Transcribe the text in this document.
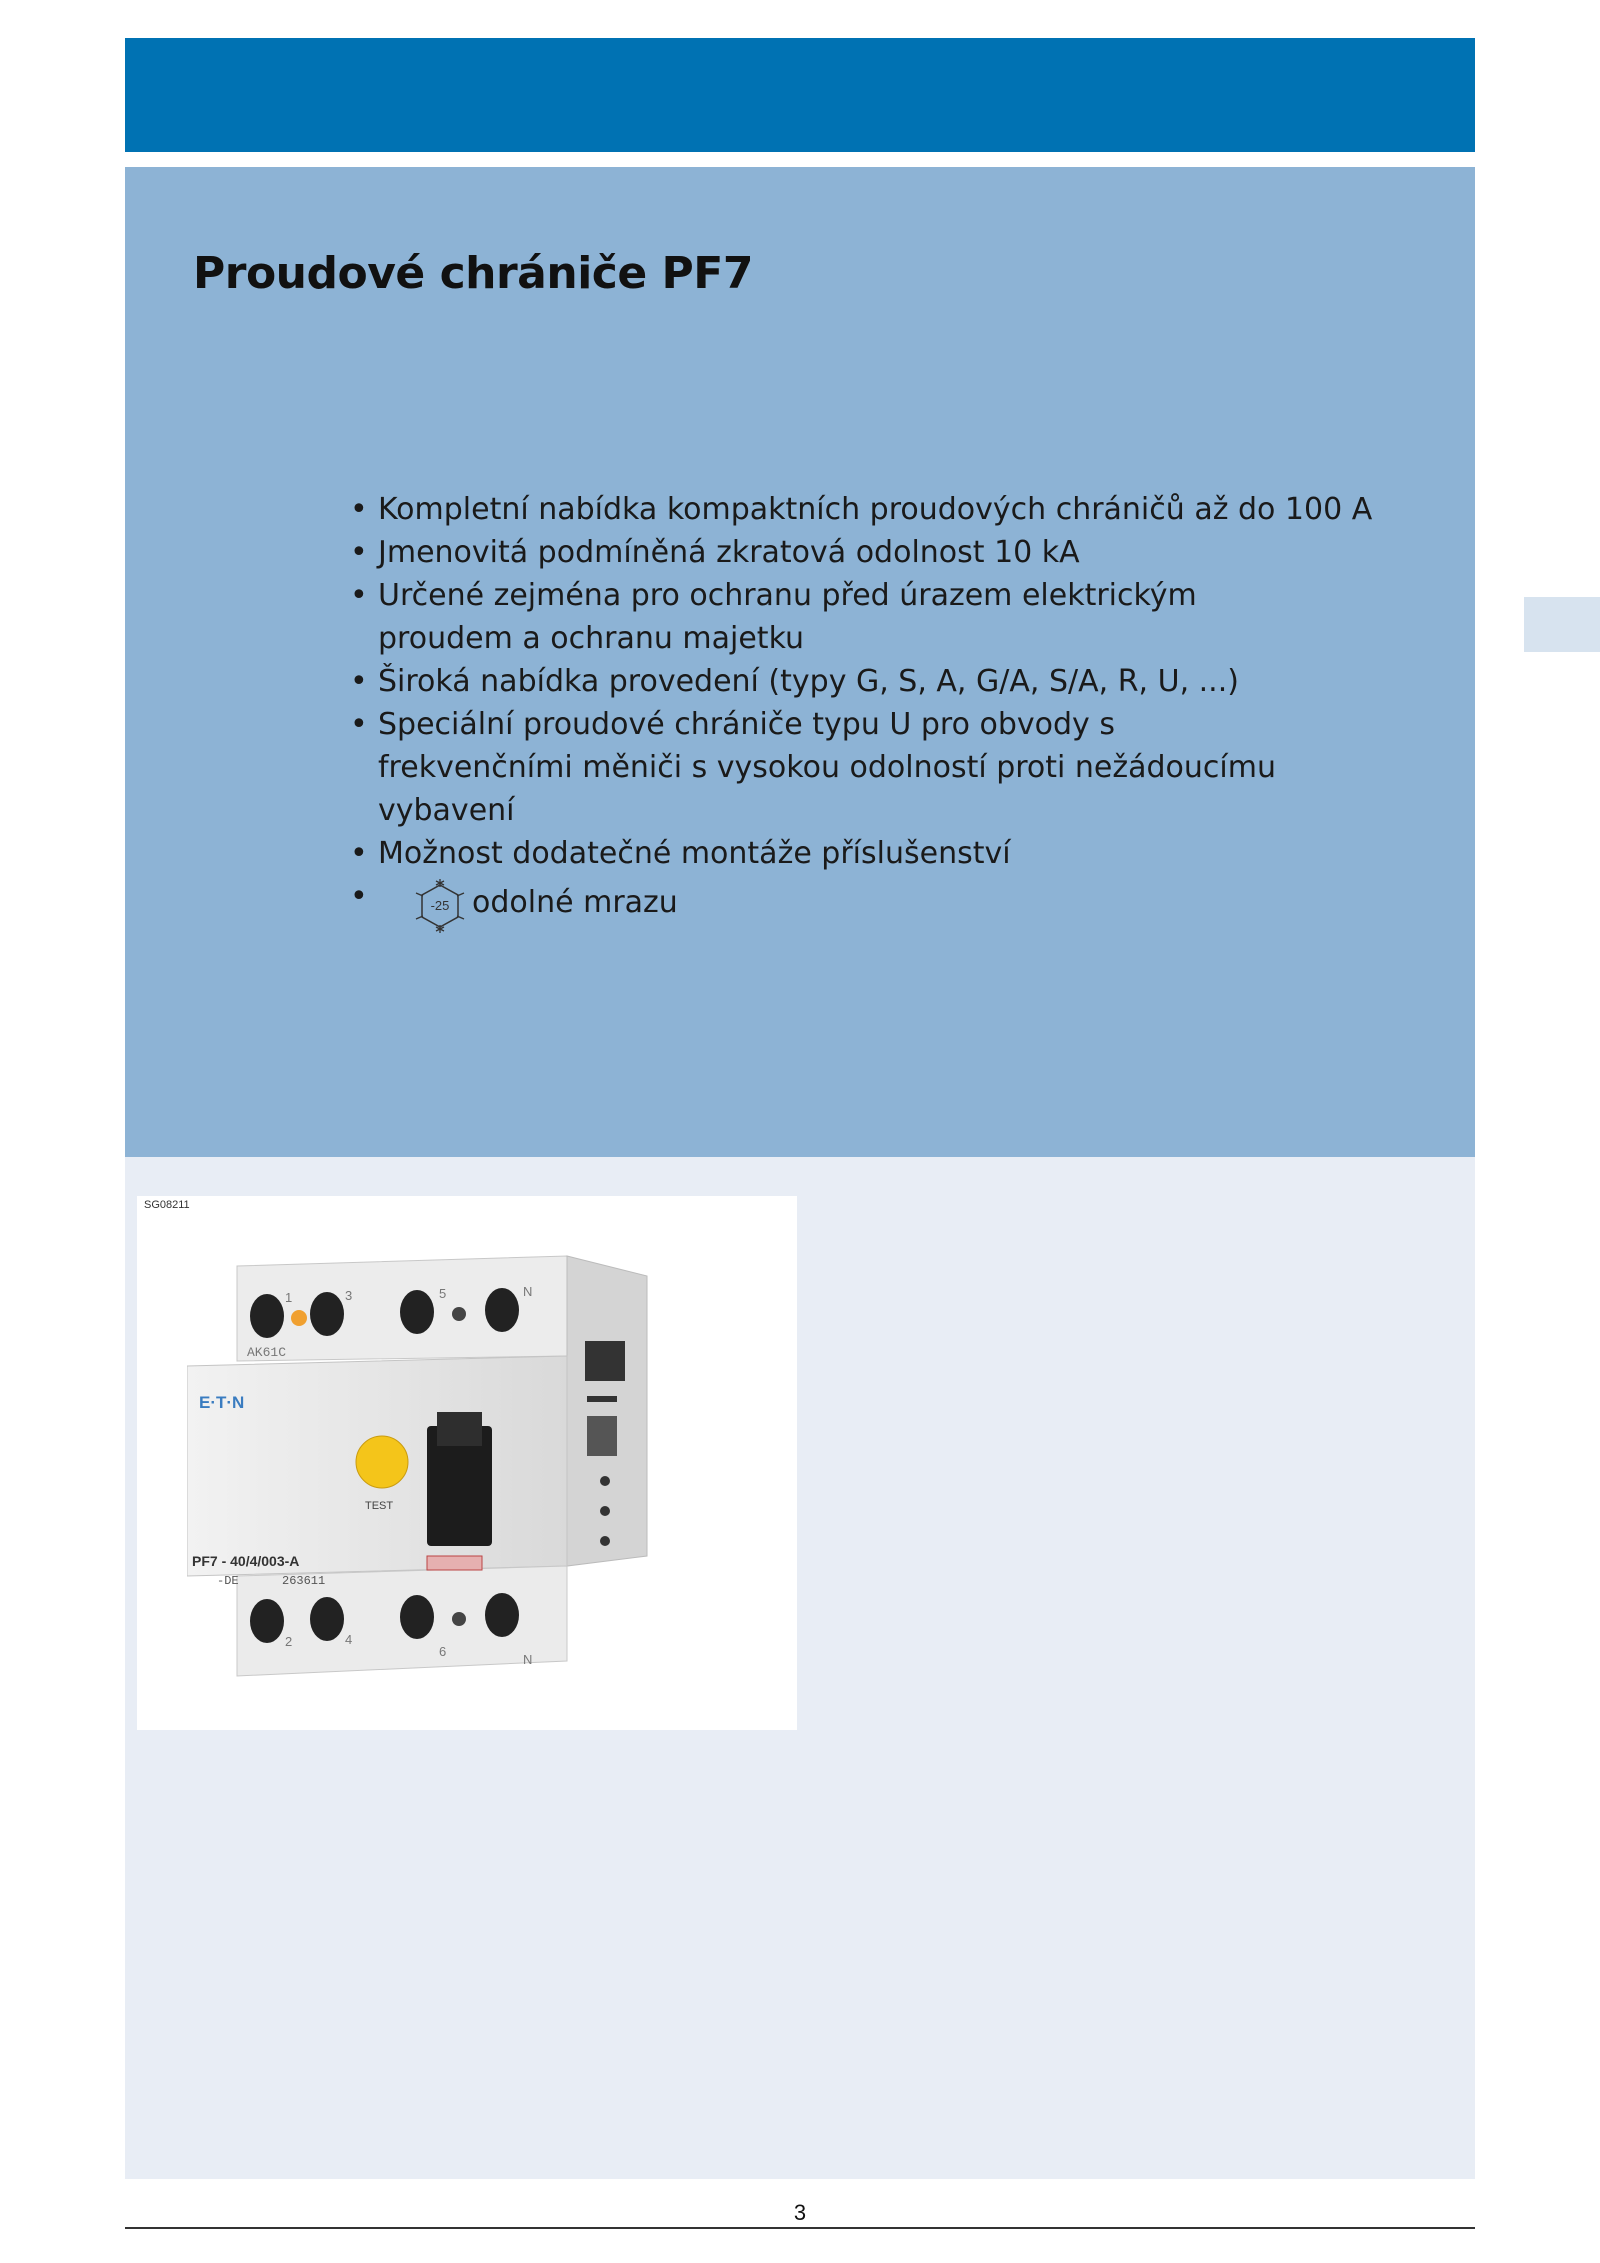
Proudové chrániče PF7
• Kompletní nabídka kompaktních proudových chráničů až do 100 A
• Jmenovitá podmíněná zkratová odolnost 10 kA
• Určené zejména pro ochranu před úrazem elektrickým proudem a ochranu majetku
• Široká nabídka provedení (typy G, S, A, G/A, S/A, R, U, ...)
• Speciální proudové chrániče typu U pro obvody s frekvenčními měniči s vysokou odolností proti nežádoucímu vybavení
• Možnost dodatečné montáže příslušenství
• -25 odolné mrazu
SG08211
1	3	5	N
2	4
6
N
AK61C
E·T·N
TEST
PF7 - 40/4/003-A
-DE	263611
3
